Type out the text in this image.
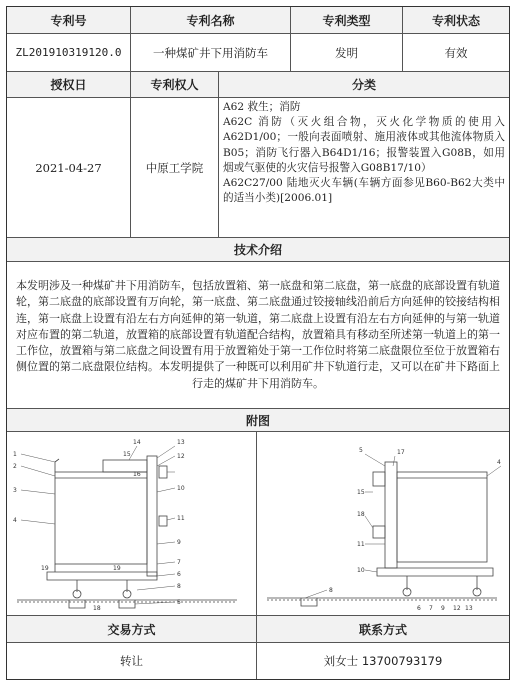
专利号	专利名称	专利类型	专利状态
ZL201910319120.0	一种煤矿井下用消防车	发明	有效
授权日	专利权人	分类
2021-04-27	中原工学院
A62 救生；消防
A62C 消防（灭火组合物，灭火化学物质的使用入A62D1/00；一般向表面喷射、施用液体或其他流体物质入B05；消防飞行器入B64D1/16；报警装置入G08B，如用烟或气驱使的火灾信号报警入G08B17/10）
A62C27/00 陆地灭火车辆(车辆方面参见B60-B62大类中的适当小类)[2006.01]
技术介绍
本发明涉及一种煤矿井下用消防车，包括放置箱、第一底盘和第二底盘，第一底盘的底部设置有轨道轮，第二底盘的底部设置有万向轮，第一底盘、第二底盘通过铰接轴线沿前后方向延伸的铰接结构相连，第一底盘上设置有沿左右方向延伸的第一轨道，第二底盘上设置有沿左右方向延伸的与第一轨道对应布置的第二轨道，放置箱的底部设置有轨道配合结构，放置箱具有移动至所述第一轨道上的第一工作位，放置箱与第二底盘之间设置有用于放置箱处于第一工作位时将第二底盘限位至位于放置箱右侧位置的第二底盘限位结构。本发明提供了一种既可以利用矿井下轨道行走，又可以在矿井下路面上行走的煤矿井下用消防车。
附图
1
2
3
4
14	13
12
15
16
10
11
9
7
6
8
5
19
18
19
5	17
4
15
18
11
10
8
6 7 9 12 13
交易方式	联系方式
转让	刘女士 13700793179
